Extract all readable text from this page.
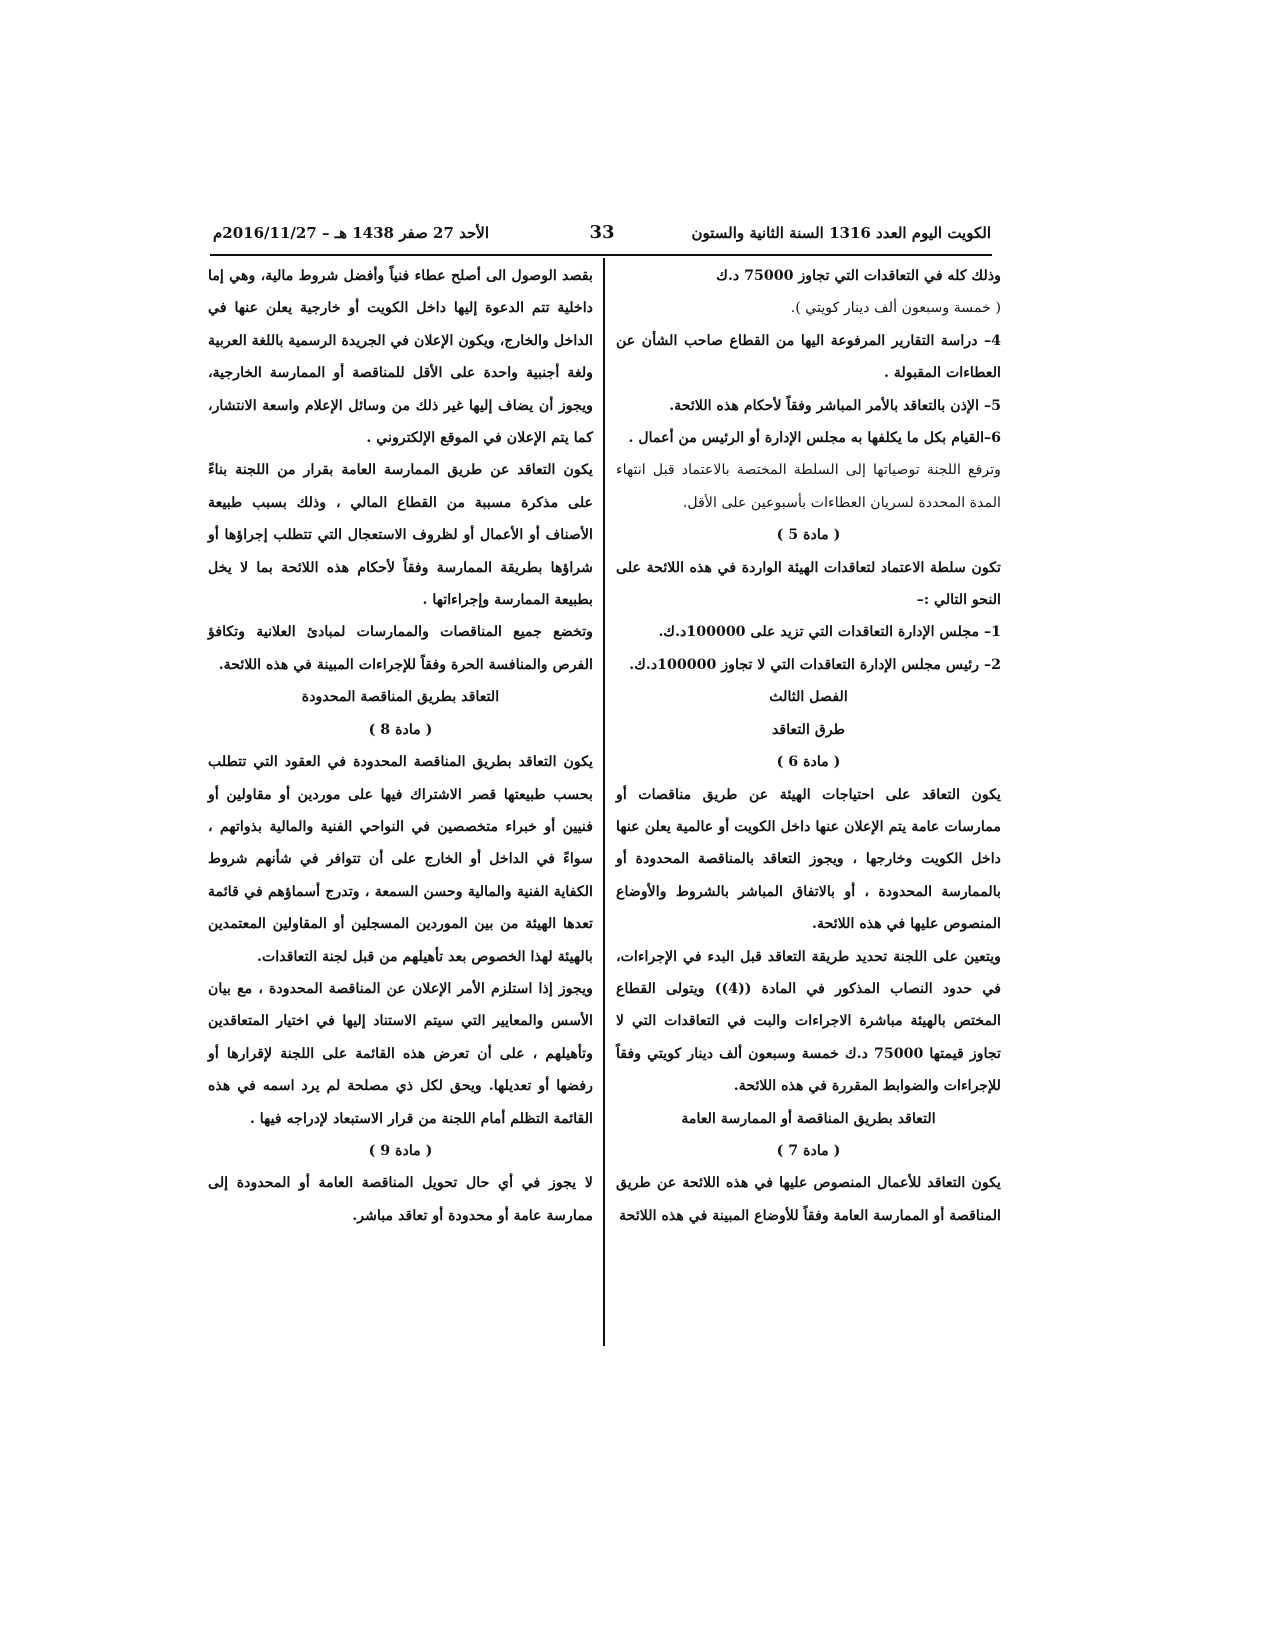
الكويت اليوم العدد 1316 السنة الثانية والستون
33
الأحد 27 صفر 1438 هـ – 2016/11/27م

وذلك كله في التعاقدات التي تجاوز 75000 د.ك

( خمسة وسبعون ألف دينار كويتي ).

4– دراسة التقارير المرفوعة اليها من القطاع صاحب الشأن عن العطاءات المقبولة .

5– الإذن بالتعاقد بالأمر المباشر وفقاً لأحكام هذه اللائحة.

6–القيام بكل ما يكلفها به مجلس الإدارة أو الرئيس من أعمال .

وترفع اللجنة توصياتها إلى السلطة المختصة بالاعتماد قبل انتهاء المدة المحددة لسريان العطاءات بأسبوعين على الأقل.

( مادة 5 )

تكون سلطة الاعتماد لتعاقدات الهيئة الواردة في هذه اللائحة على النحو التالي :–

1– مجلس الإدارة التعاقدات التي تزيد على 100000د.ك.

2– رئيس مجلس الإدارة التعاقدات التي لا تجاوز 100000د.ك.

الفصل الثالث

طرق التعاقد

( مادة 6 )

يكون التعاقد على احتياجات الهيئة عن طريق مناقصات أو ممارسات عامة يتم الإعلان عنها داخل الكويت أو عالمية يعلن عنها داخل الكويت وخارجها ، ويجوز التعاقد بالمناقصة المحدودة أو بالممارسة المحدودة ، أو بالاتفاق المباشر بالشروط والأوضاع المنصوص عليها في هذه اللائحة.

ويتعين على اللجنة تحديد طريقة التعاقد قبل البدء في الإجراءات، في حدود النصاب المذكور في المادة ((4)) ويتولى القطاع المختص بالهيئة مباشرة الاجراءات والبت في التعاقدات التي لا تجاوز قيمتها 75000 د.ك خمسة وسبعون ألف دينار كويتي وفقاً للإجراءات والضوابط المقررة في هذه اللائحة.

التعاقد بطريق المناقصة أو الممارسة العامة

( مادة 7 )

يكون التعاقد للأعمال المنصوص عليها في هذه اللائحة عن طريق المناقصة أو الممارسة العامة وفقاً للأوضاع المبينة في هذه اللائحة

بقصد الوصول الى أصلح عطاء فنياً وأفضل شروط مالية، وهي إما داخلية تتم الدعوة إليها داخل الكويت أو خارجية يعلن عنها في الداخل والخارج، ويكون الإعلان في الجريدة الرسمية باللغة العربية ولغة أجنبية واحدة على الأقل للمناقصة أو الممارسة الخارجية، ويجوز أن يضاف إليها غير ذلك من وسائل الإعلام واسعة الانتشار، كما يتم الإعلان في الموقع الإلكتروني .

يكون التعاقد عن طريق الممارسة العامة بقرار من اللجنة بناءً على مذكرة مسببة من القطاع المالي ، وذلك بسبب طبيعة الأصناف أو الأعمال أو لظروف الاستعجال التي تتطلب إجراؤها أو شراؤها بطريقة الممارسة وفقاً لأحكام هذه اللائحة بما لا يخل بطبيعة الممارسة وإجراءاتها .

وتخضع جميع المناقصات والممارسات لمبادئ العلانية وتكافؤ الفرص والمنافسة الحرة وفقاً للإجراءات المبينة في هذه اللائحة.

التعاقد بطريق المناقصة المحدودة

( مادة 8 )

يكون التعاقد بطريق المناقصة المحدودة في العقود التي تتطلب بحسب طبيعتها قصر الاشتراك فيها على موردين أو مقاولين أو فنيين أو خبراء متخصصين في النواحي الفنية والمالية بذواتهم ، سواءً في الداخل أو الخارج على أن تتوافر في شأنهم شروط الكفاية الفنية والمالية وحسن السمعة ، وتدرج أسماؤهم في قائمة تعدها الهيئة من بين الموردين المسجلين أو المقاولين المعتمدين بالهيئة لهذا الخصوص بعد تأهيلهم من قبل لجنة التعاقدات.

ويجوز إذا استلزم الأمر الإعلان عن المناقصة المحدودة ، مع بيان الأسس والمعايير التي سيتم الاستناد إليها في اختيار المتعاقدين وتأهيلهم ، على أن تعرض هذه القائمة على اللجنة لإقرارها أو رفضها أو تعديلها. ويحق لكل ذي مصلحة لم يرد اسمه في هذه القائمة التظلم أمام اللجنة من قرار الاستبعاد لإدراجه فيها .

( مادة 9 )

لا يجوز في أي حال تحويل المناقصة العامة أو المحدودة إلى ممارسة عامة أو محدودة أو تعاقد مباشر.
